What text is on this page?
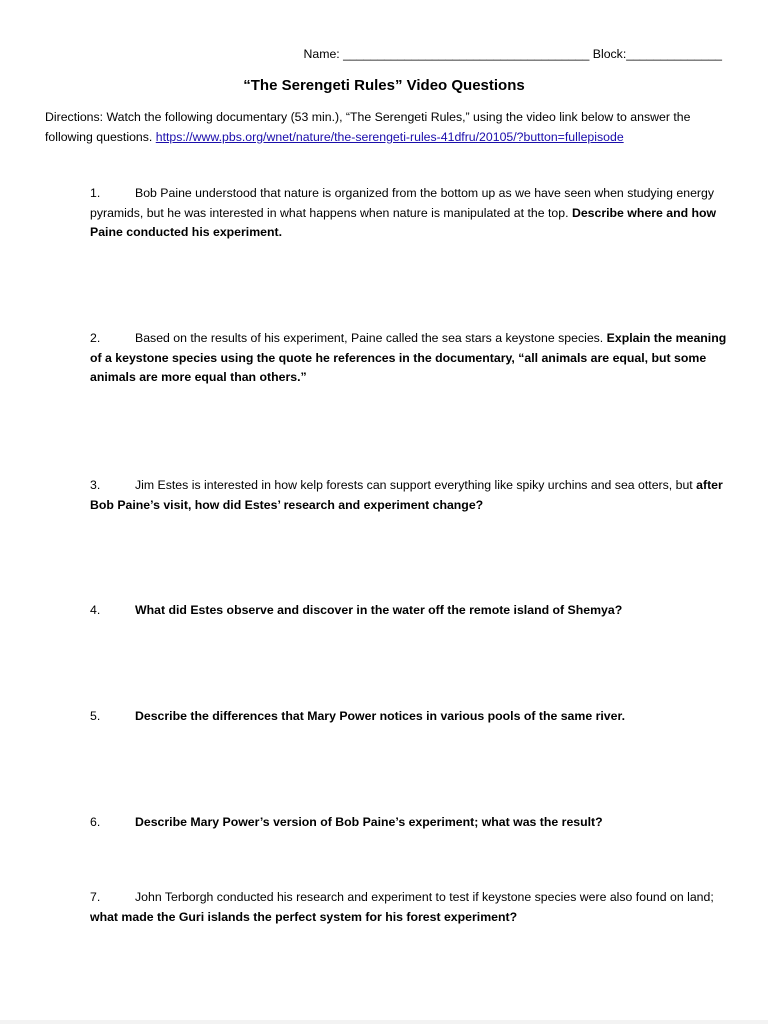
Name: ____________________________________ Block:______________
“The Serengeti Rules” Video Questions
Directions: Watch the following documentary (53 min.), “The Serengeti Rules,” using the video link below to answer the following questions. https://www.pbs.org/wnet/nature/the-serengeti-rules-41dfru/20105/?button=fullepisode
1.	Bob Paine understood that nature is organized from the bottom up as we have seen when studying energy pyramids, but he was interested in what happens when nature is manipulated at the top. Describe where and how Paine conducted his experiment.
2.	Based on the results of his experiment, Paine called the sea stars a keystone species. Explain the meaning of a keystone species using the quote he references in the documentary, “all animals are equal, but some animals are more equal than others.”
3.	Jim Estes is interested in how kelp forests can support everything like spiky urchins and sea otters, but after Bob Paine’s visit, how did Estes’ research and experiment change?
4.	What did Estes observe and discover in the water off the remote island of Shemya?
5.	Describe the differences that Mary Power notices in various pools of the same river.
6.	Describe Mary Power’s version of Bob Paine’s experiment; what was the result?
7.	John Terborgh conducted his research and experiment to test if keystone species were also found on land; what made the Guri islands the perfect system for his forest experiment?
